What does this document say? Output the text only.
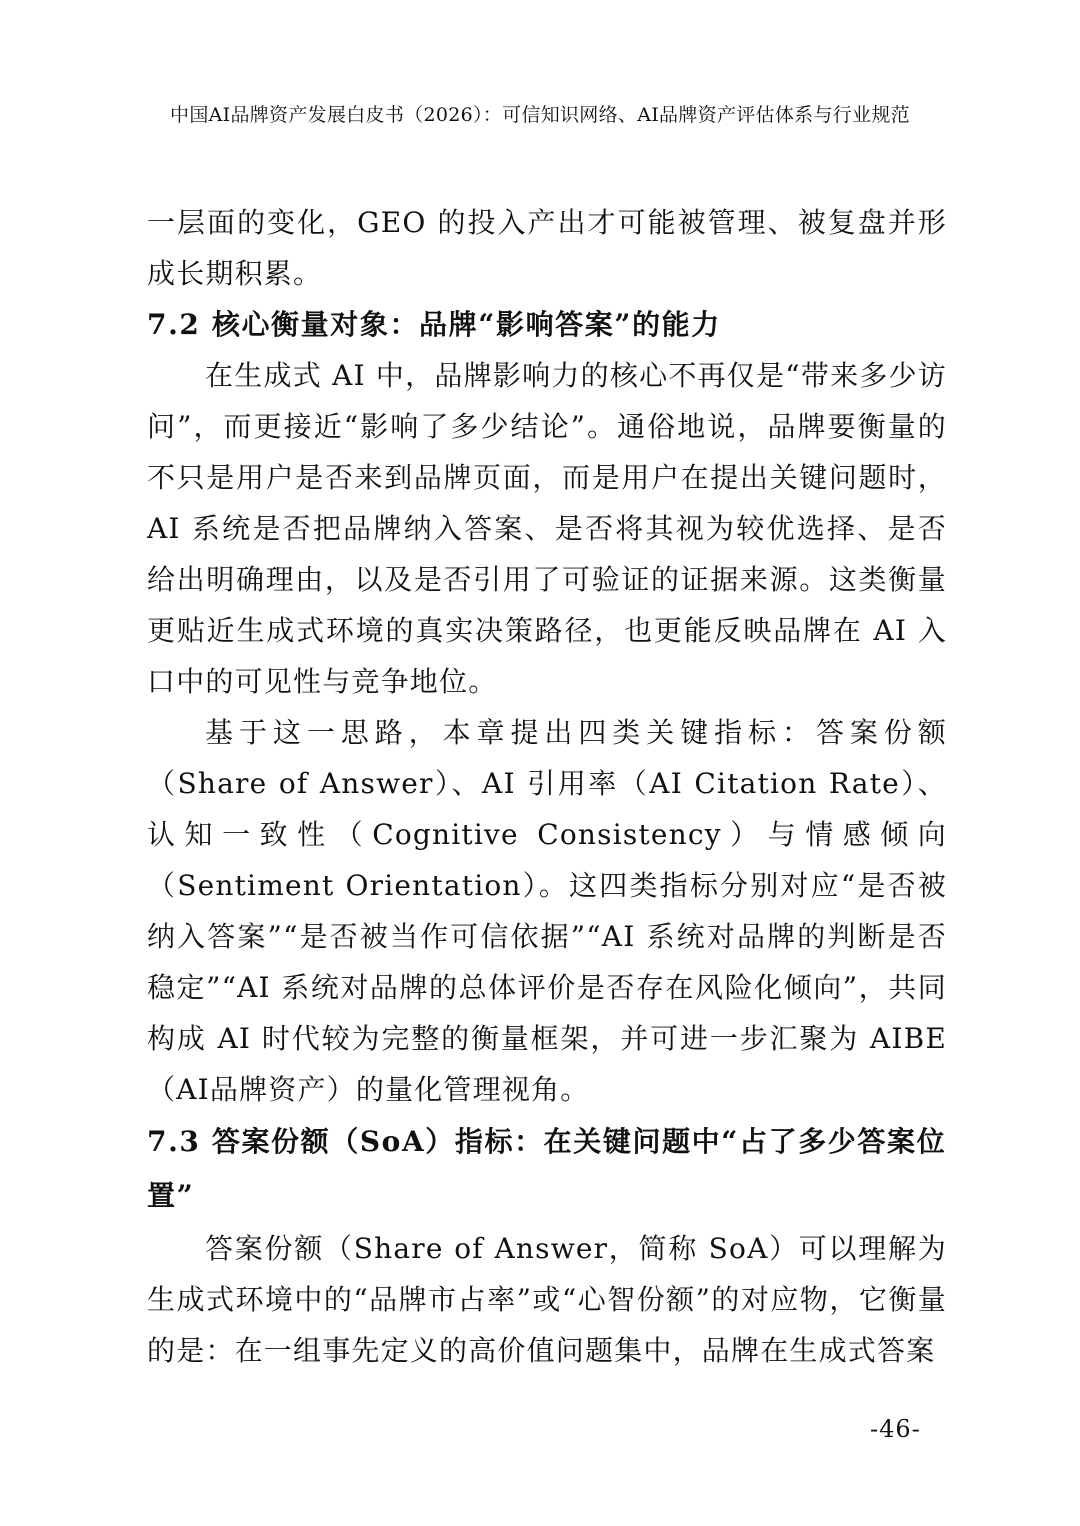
中国AI品牌资产发展白皮书（2026）：可信知识网络、AI品牌资产评估体系与行业规范

一层面的变化，GEO 的投入产出才可能被管理、被复盘并形成长期积累。

7.2 核心衡量对象：品牌“影响答案”的能力

在生成式 AI 中，品牌影响力的核心不再仅是“带来多少访问”，而更接近“影响了多少结论”。通俗地说，品牌要衡量的不只是用户是否来到品牌页面，而是用户在提出关键问题时，AI 系统是否把品牌纳入答案、是否将其视为较优选择、是否给出明确理由，以及是否引用了可验证的证据来源。这类衡量更贴近生成式环境的真实决策路径，也更能反映品牌在 AI 入口中的可见性与竞争地位。

基于这一思路，本章提出四类关键指标：答案份额（Share of Answer）、AI 引用率（AI Citation Rate）、认知一致性（Cognitive Consistency）与情感倾向（Sentiment Orientation）。这四类指标分别对应“是否被纳入答案”“是否被当作可信依据”“AI 系统对品牌的判断是否稳定”“AI 系统对品牌的总体评价是否存在风险化倾向”，共同构成 AI 时代较为完整的衡量框架，并可进一步汇聚为 AIBE（AI品牌资产）的量化管理视角。

7.3 答案份额（SoA）指标：在关键问题中“占了多少答案位置”

答案份额（Share of Answer，简称 SoA）可以理解为生成式环境中的“品牌市占率”或“心智份额”的对应物，它衡量的是：在一组事先定义的高价值问题集中，品牌在生成式答案

-46-
